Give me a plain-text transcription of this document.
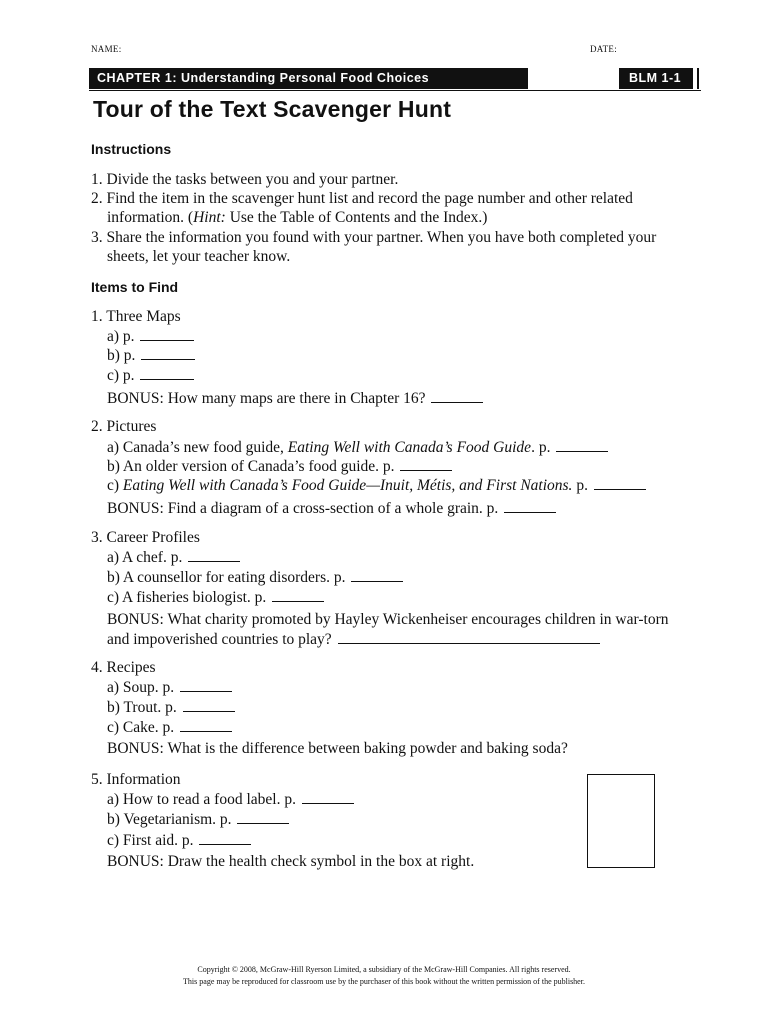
NAME:	DATE:
CHAPTER 1: Understanding Personal Food Choices	BLM 1-1
Tour of the Text Scavenger Hunt
Instructions
1. Divide the tasks between you and your partner.
2. Find the item in the scavenger hunt list and record the page number and other related
information. (Hint: Use the Table of Contents and the Index.)
3. Share the information you found with your partner. When you have both completed your
sheets, let your teacher know.
Items to Find
1. Three Maps
a) p.
b) p.
c) p.
BONUS: How many maps are there in Chapter 16?
2. Pictures
a) Canada’s new food guide, Eating Well with Canada’s Food Guide. p.
b) An older version of Canada’s food guide. p.
c) Eating Well with Canada’s Food Guide—Inuit, Métis, and First Nations. p.
BONUS: Find a diagram of a cross-section of a whole grain. p.
3. Career Profiles
a) A chef. p.
b) A counsellor for eating disorders. p.
c) A fisheries biologist. p.
BONUS: What charity promoted by Hayley Wickenheiser encourages children in war-torn
and impoverished countries to play?
4. Recipes
a) Soup. p.
b) Trout. p.
c) Cake. p.
BONUS: What is the difference between baking powder and baking soda?
5. Information
a) How to read a food label. p.
b) Vegetarianism. p.
c) First aid. p.
BONUS: Draw the health check symbol in the box at right.
Copyright © 2008, McGraw-Hill Ryerson Limited, a subsidiary of the McGraw-Hill Companies. All rights reserved.
This page may be reproduced for classroom use by the purchaser of this book without the written permission of the publisher.
